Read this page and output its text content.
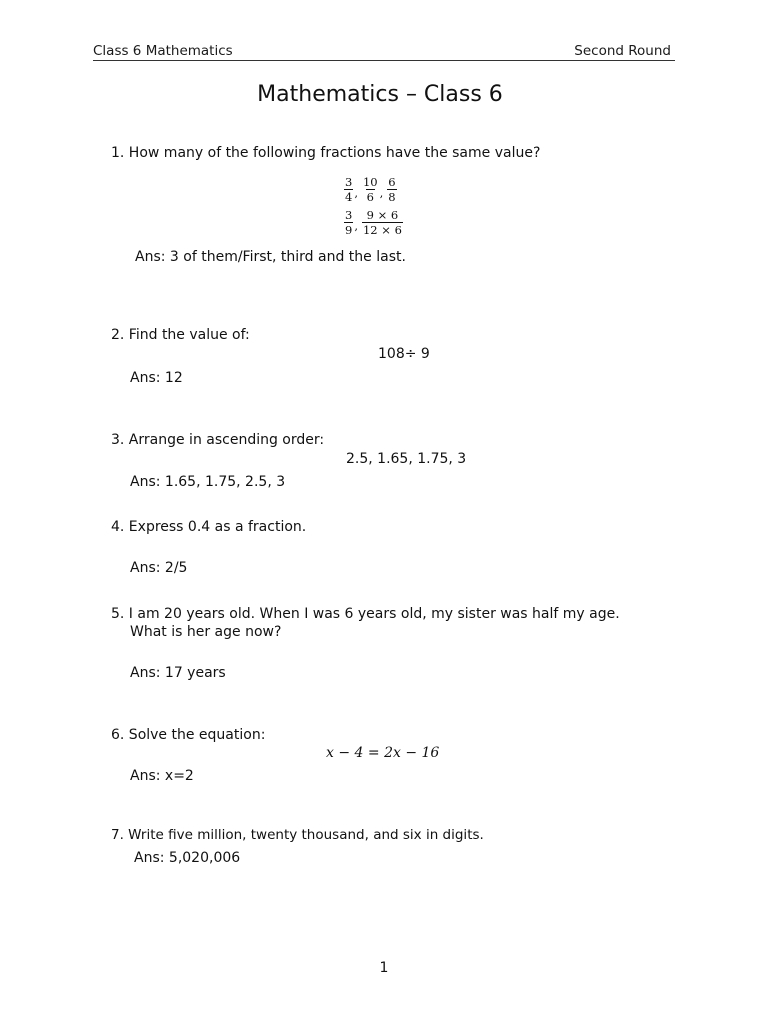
Class 6 Mathematics	Second Round
Mathematics – Class 6
1. How many of the following fractions have the same value?
$\frac{3}{4}$ , $\frac{10}{6}$ , $\frac{6}{8}$
$\frac{3}{9}$ , $\frac{9 \times 6}{12 \times 6}$
Ans: 3 of them/First, third and the last.
2. Find the value of:
108÷ 9
Ans: 12
3. Arrange in ascending order:
2.5, 1.65, 1.75, 3
Ans: 1.65, 1.75, 2.5, 3
4. Express 0.4 as a fraction.
Ans: 2/5
5. I am 20 years old. When I was 6 years old, my sister was half my age. What is her age now?
Ans: 17 years
6. Solve the equation:
x − 4 = 2x − 16
Ans: x=2
7. Write five million, twenty thousand, and six in digits.
Ans: 5,020,006
1
